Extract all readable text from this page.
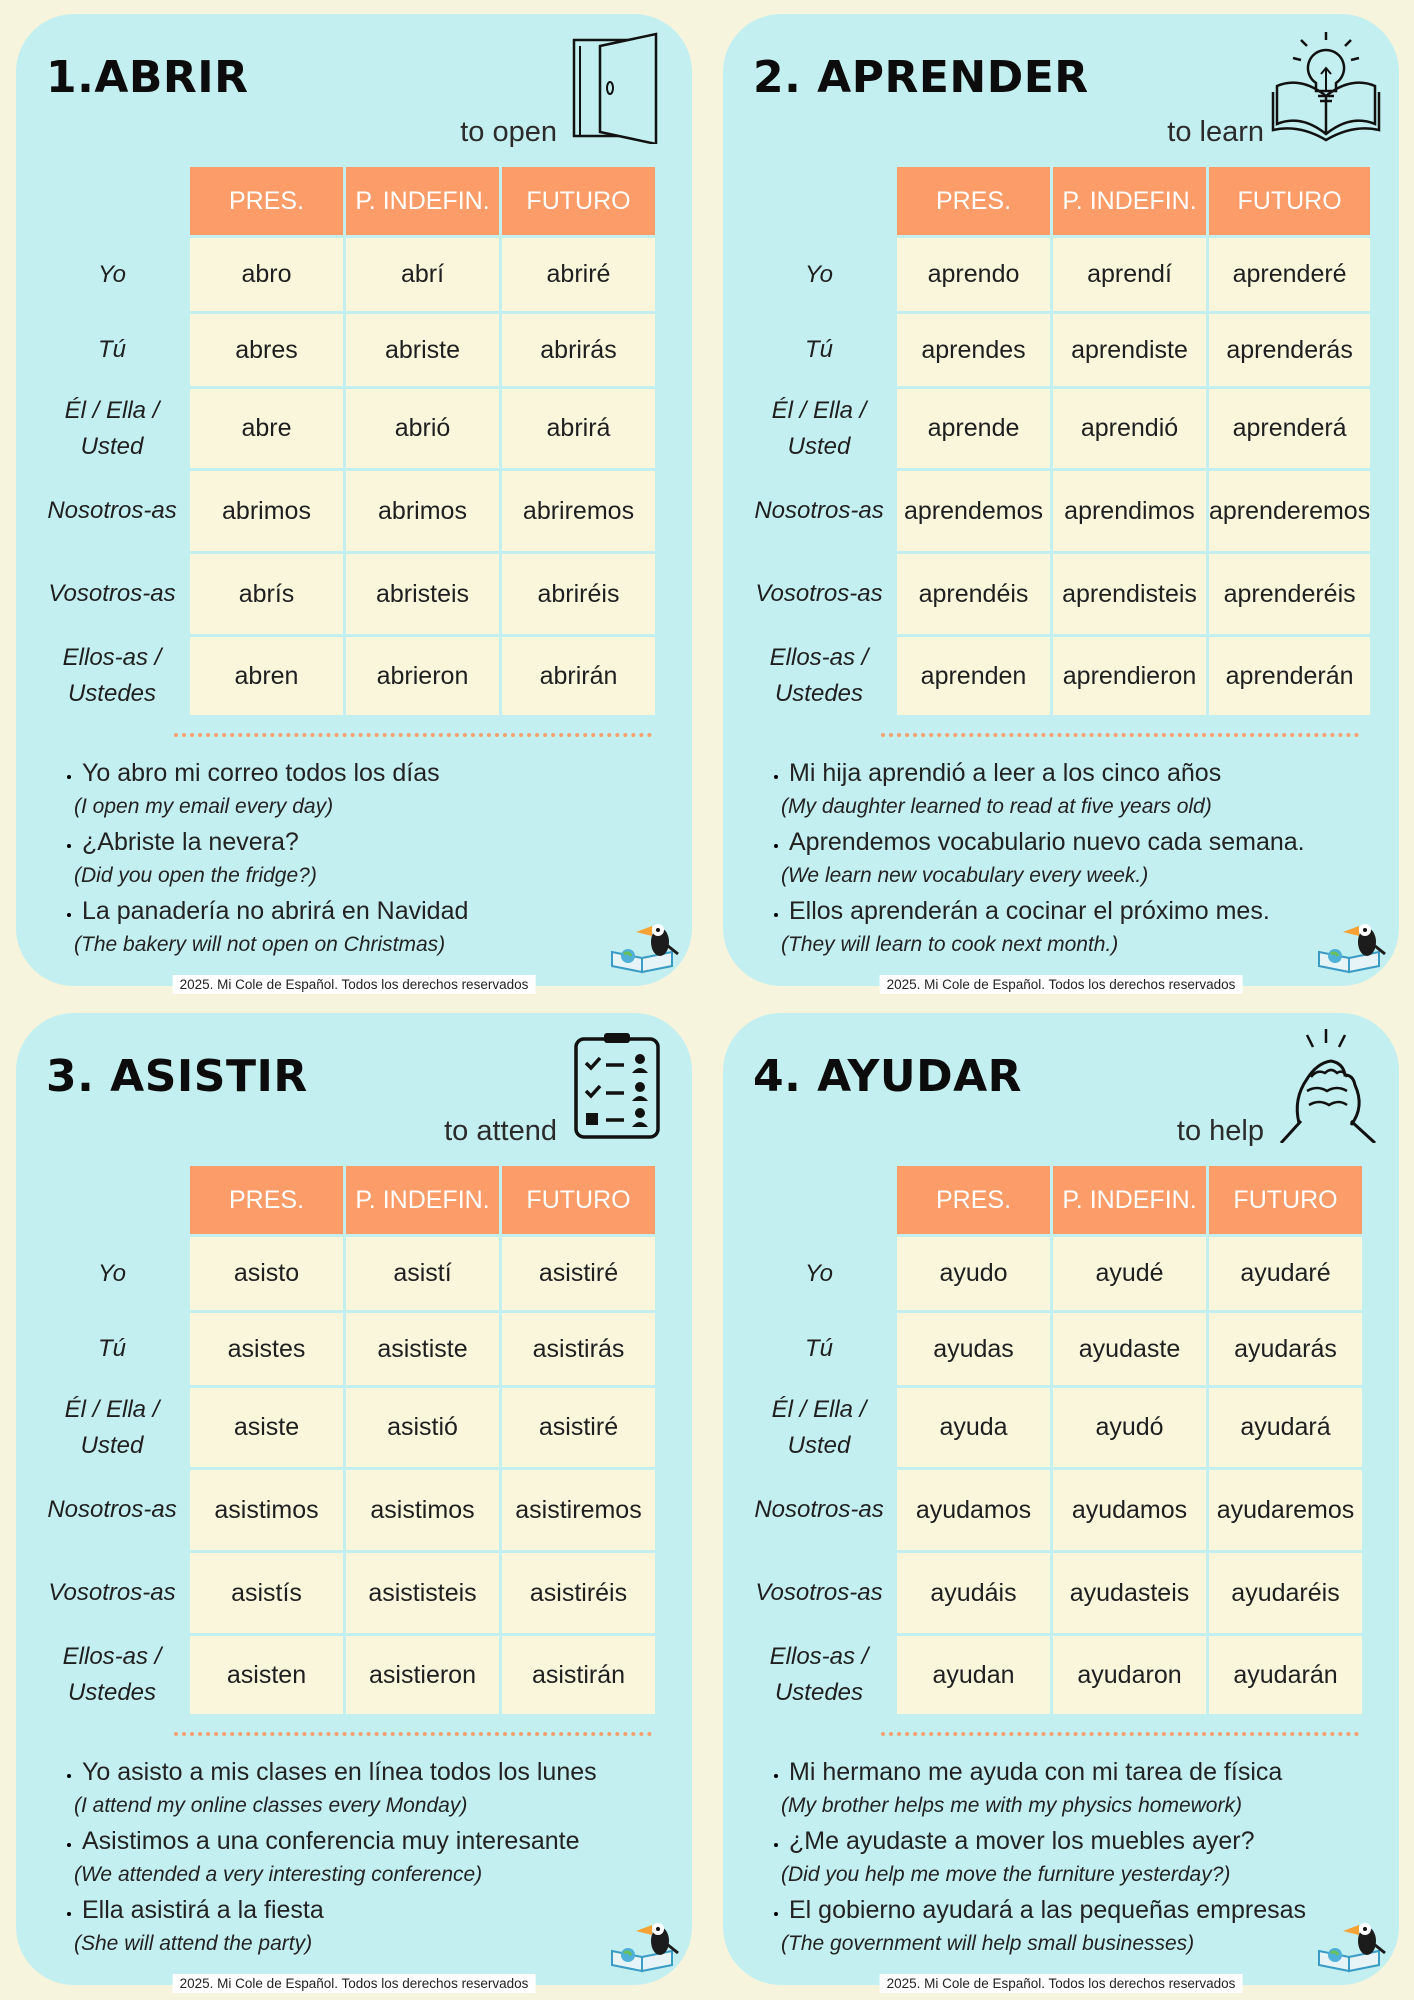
1.ABRIR
to open
	PRES.	P. INDEFIN.	FUTURO
Yo	abro	abrí	abriré
Tú	abres	abriste	abrirás
Él / Ella / Usted	abre	abrió	abrirá
Nosotros-as	abrimos	abrimos	abriremos
Vosotros-as	abrís	abristeis	abriréis
Ellos-as / Ustedes	abren	abrieron	abrirán
• Yo abro mi correo todos los días
(I open my email every day)
• ¿Abriste la nevera?
(Did you open the fridge?)
• La panadería no abrirá en Navidad
(The bakery will not open on Christmas)
2025. Mi Cole de Español. Todos los derechos reservados
2. APRENDER
to learn
	PRES.	P. INDEFIN.	FUTURO
Yo	aprendo	aprendí	aprenderé
Tú	aprendes	aprendiste	aprenderás
Él / Ella / Usted	aprende	aprendió	aprenderá
Nosotros-as	aprendemos	aprendimos	aprenderemos
Vosotros-as	aprendéis	aprendisteis	aprenderéis
Ellos-as / Ustedes	aprenden	aprendieron	aprenderán
• Mi hija aprendió a leer a los cinco años
(My daughter learned to read at five years old)
• Aprendemos vocabulario nuevo cada semana.
(We learn new vocabulary every week.)
• Ellos aprenderán a cocinar el próximo mes.
(They will learn to cook next month.)
2025. Mi Cole de Español. Todos los derechos reservados
3. ASISTIR
to attend
	PRES.	P. INDEFIN.	FUTURO
Yo	asisto	asistí	asistiré
Tú	asistes	asististe	asistirás
Él / Ella / Usted	asiste	asistió	asistiré
Nosotros-as	asistimos	asistimos	asistiremos
Vosotros-as	asistís	asististeis	asistiréis
Ellos-as / Ustedes	asisten	asistieron	asistirán
• Yo asisto a mis clases en línea todos los lunes
(I attend my online classes every Monday)
• Asistimos a una conferencia muy interesante
(We attended a very interesting conference)
• Ella asistirá a la fiesta
(She will attend the party)
2025. Mi Cole de Español. Todos los derechos reservados
4. AYUDAR
to help
	PRES.	P. INDEFIN.	FUTURO
Yo	ayudo	ayudé	ayudaré
Tú	ayudas	ayudaste	ayudarás
Él / Ella / Usted	ayuda	ayudó	ayudará
Nosotros-as	ayudamos	ayudamos	ayudaremos
Vosotros-as	ayudáis	ayudasteis	ayudaréis
Ellos-as / Ustedes	ayudan	ayudaron	ayudarán
• Mi hermano me ayuda con mi tarea de física
(My brother helps me with my physics homework)
• ¿Me ayudaste a mover los muebles ayer?
(Did you help me move the furniture yesterday?)
• El gobierno ayudará a las pequeñas empresas
(The government will help small businesses)
2025. Mi Cole de Español. Todos los derechos reservados
